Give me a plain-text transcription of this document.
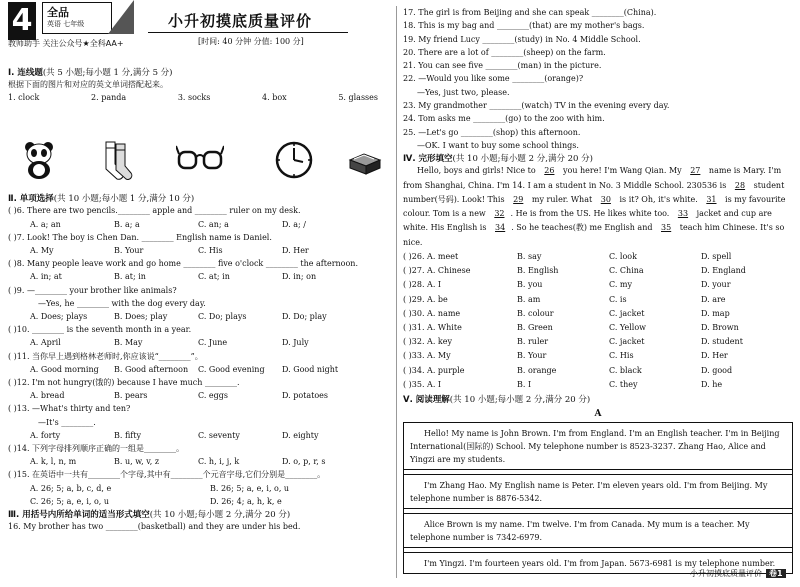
4	全品
英语 七年级
教师助手 关注公众号★全科AA+
小升初摸底质量评价
[时间: 40 分钟 分值: 100 分]

Ⅰ. 连线题(共 5 小题;每小题 1 分,满分 5 分)

根据下面的图片和对应的英文单词搭配起来。
1. clock	2. panda	3. socks	4. box	5. glasses

Ⅱ. 单项选择(共 10 小题;每小题 1 分,满分 10 分)

( )6. There are two pencils.________ apple and ________ ruler on my desk.
A. a; an	B. a; a	C. an; a	D. a; /
( )7. Look! The boy is Chen Dan. ________ English name is Daniel.
A. My	B. Your	C. His	D. Her
( )8. Many people leave work and go home ________ five o'clock ________ the afternoon.
A. in; at	B. at; in	C. at; in	D. in; on
( )9. —________ your brother like animals?
—Yes, he ________ with the dog every day.
A. Does; plays	B. Does; play	C. Do; plays	D. Do; play
( )10. ________ is the seventh month in a year.
A. April	B. May	C. June	D. July
( )11. 当你早上遇到格林老师时,你应该说“________”。
A. Good morning B. Good afternoon C. Good evening D. Good night
( )12. I'm not hungry(饿的) because I have much ________.
A. bread	B. pears	C. eggs	D. potatoes
( )13. —What's thirty and ten?
—It's ________.
A. forty	B. fifty	C. seventy	D. eighty
( )14. 下列字母排列顺序正确的一组是________。
A. k, l, n, m	B. u, w, v, z	C. h, i, j, k	D. o, p, r, s
( )15. 在英语中一共有________个字母,其中有________个元音字母,它们分别是________。
A. 26; 5; a, b, c, d, e	B. 26; 5; a, e, i, o, u
C. 26; 5; a, e, i, o, u	D. 26; 4; a, h, k, e

Ⅲ. 用括号内所给单词的适当形式填空(共 10 小题;每小题 2 分,满分 20 分)

16. My brother has two ________(basketball) and they are under his bed.
17. The girl is from Beijing and she can speak ________(China).
18. This is my bag and ________(that) are my mother's bags.
19. My friend Lucy ________(study) in No. 4 Middle School.
20. There are a lot of ________(sheep) on the farm.
21. You can see five ________(man) in the picture.
22. —Would you like some ________(orange)?
—Yes, just two, please.
23. My grandmother ________(watch) TV in the evening every day.
24. Tom asks me ________(go) to the zoo with him.
25. —Let's go ________(shop) this afternoon.
—OK. I want to buy some school things.

Ⅳ. 完形填空(共 10 小题;每小题 2 分,满分 20 分)

Hello, boys and girls! Nice to 26 you here! I'm Wang Qian. My 27 name is Mary. I'm from Shanghai, China. I'm 14. I am a student in No. 3 Middle School. 230536 is 28 student number(号码). Look! This 29 my ruler. What 30 is it? Oh, it's white. 31 is my favourite colour. Tom is a new 32 . He is from the US. He likes white too. 33 jacket and cup are white. His English is 34 . So he teaches(教) me English and 35 teach him Chinese. It's so nice.
( )26. A. meet	B. say	C. look	D. spell
( )27. A. Chinese	B. English	C. China	D. England
( )28. A. I	B. you	C. my	D. your
( )29. A. be	B. am	C. is	D. are
( )30. A. name	B. colour	C. jacket	D. map
( )31. A. White	B. Green	C. Yellow	D. Brown
( )32. A. key	B. ruler	C. jacket	D. student
( )33. A. My	B. Your	C. His	D. Her
( )34. A. purple	B. orange	C. black	D. good
( )35. A. I	B. I	C. they	D. he

Ⅴ. 阅读理解(共 10 小题;每小题 2 分,满分 20 分)

A

Hello! My name is John Brown. I'm from England. I'm an English teacher. I'm in Beijing International(国际的) School. My telephone number is 8523-3237. Zhang Hao, Alice and Yingzi are my students.

I'm Zhang Hao. My English name is Peter. I'm eleven years old. I'm from Beijing. My telephone number is 8876-5342.

Alice Brown is my name. I'm twelve. I'm from Canada. My mum is a teacher. My telephone number is 7342-6979.

I'm Yingzi. I'm fourteen years old. I'm from Japan. 5673-6981 is my telephone number.

小升初摸底质量评价 卷1
